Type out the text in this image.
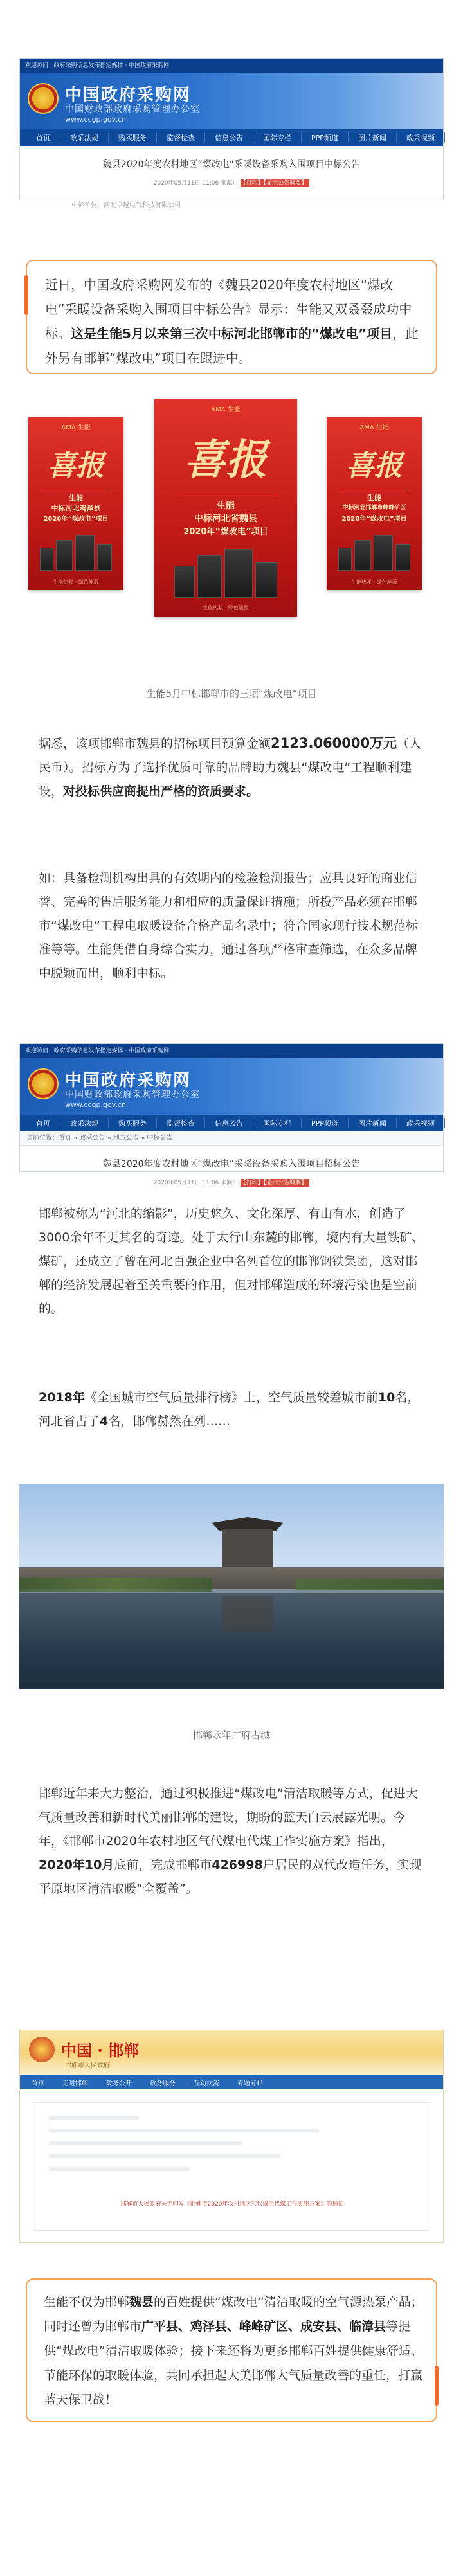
欢迎访问 · 政府采购信息发布指定媒体 · 中国政府采购网
中国政府采购网
中国财政部政府采购管理办公室
www.ccgp.gov.cn
首页	政采法规	购买服务	监督检查	信息公告	国际专栏	PPP频道	图片新闻	政采视频
魏县2020年度农村地区“煤改电”采暖设备采购入围项目中标公告
2020年05月11日 11:06 来源： 【打印】【显示公告概要】
中标单位：河北卓越电气科技有限公司

近日，中国政府采购网发布的《魏县2020年度农村地区“煤改电”采暖设备采购入围项目中标公告》显示：生能又双叒叕成功中标。这是生能5月以来第三次中标河北邯郸市的“煤改电”项目，此外另有邯郸“煤改电”项目在跟进中。

AMA 生能
喜报
生能
中标河北鸡泽县
2020年“煤改电”项目
生能热泵 · 绿色能源
AMA 生能
喜报
生能
中标河北省魏县
2020年“煤改电”项目
生能热泵 · 绿色能源
AMA 生能
喜报
生能
中标河北邯郸市峰峰矿区
2020年“煤改电”项目
生能热泵 · 绿色能源
生能5月中标邯郸市的三项“煤改电”项目
据悉，该项邯郸市魏县的招标项目预算金额2123.060000万元（人民币）。招标方为了选择优质可靠的品牌助力魏县“煤改电”工程顺利建设，对投标供应商提出严格的资质要求。
如：具备检测机构出具的有效期内的检验检测报告；应具良好的商业信誉、完善的售后服务能力和相应的质量保证措施；所投产品必须在邯郸市“煤改电”工程电取暖设备合格产品名录中；符合国家现行技术规范标准等等。生能凭借自身综合实力，通过各项严格审查筛选，在众多品牌中脱颖而出，顺利中标。
欢迎访问 · 政府采购信息发布指定媒体 · 中国政府采购网
中国政府采购网
中国财政部政府采购管理办公室
www.ccgp.gov.cn
首页	政采法规	购买服务	监督检查	信息公告	国际专栏	PPP频道	图片新闻	政采视频
当前位置：首页 » 政采公告 » 地方公告 » 中标公告
魏县2020年度农村地区“煤改电”采暖设备采购入围项目招标公告
2020年05月11日 11:06 来源： 【打印】【显示公告概要】
邯郸被称为“河北的缩影”，历史悠久、文化深厚、有山有水，创造了3000余年不更其名的奇迹。处于太行山东麓的邯郸，境内有大量铁矿、煤矿，还成立了曾在河北百强企业中名列首位的邯郸钢铁集团，这对邯郸的经济发展起着至关重要的作用，但对邯郸造成的环境污染也是空前的。
2018年《全国城市空气质量排行榜》上，空气质量较差城市前10名，河北省占了4名，邯郸赫然在列……
邯郸永年广府古城
邯郸近年来大力整治，通过积极推进“煤改电”清洁取暖等方式，促进大气质量改善和新时代美丽邯郸的建设，期盼的蓝天白云展露光明。今年，《邯郸市2020年农村地区气代煤电代煤工作实施方案》指出，2020年10月底前，完成邯郸市426998户居民的双代改造任务，实现平原地区清洁取暖“全覆盖”。
中国 · 邯郸
邯郸市人民政府
首页	走进邯郸	政务公开	政务服务	互动交流	专题专栏
邯郸市人民政府关于印发《邯郸市2020年农村地区气代煤电代煤工作实施方案》的通知

生能不仅为邯郸魏县的百姓提供“煤改电”清洁取暖的空气源热泵产品；同时还曾为邯郸市广平县、鸡泽县、峰峰矿区、成安县、临漳县等提供“煤改电”清洁取暖体验；接下来还将为更多邯郸百姓提供健康舒适、节能环保的取暖体验，共同承担起大美邯郸大气质量改善的重任，打赢蓝天保卫战！
